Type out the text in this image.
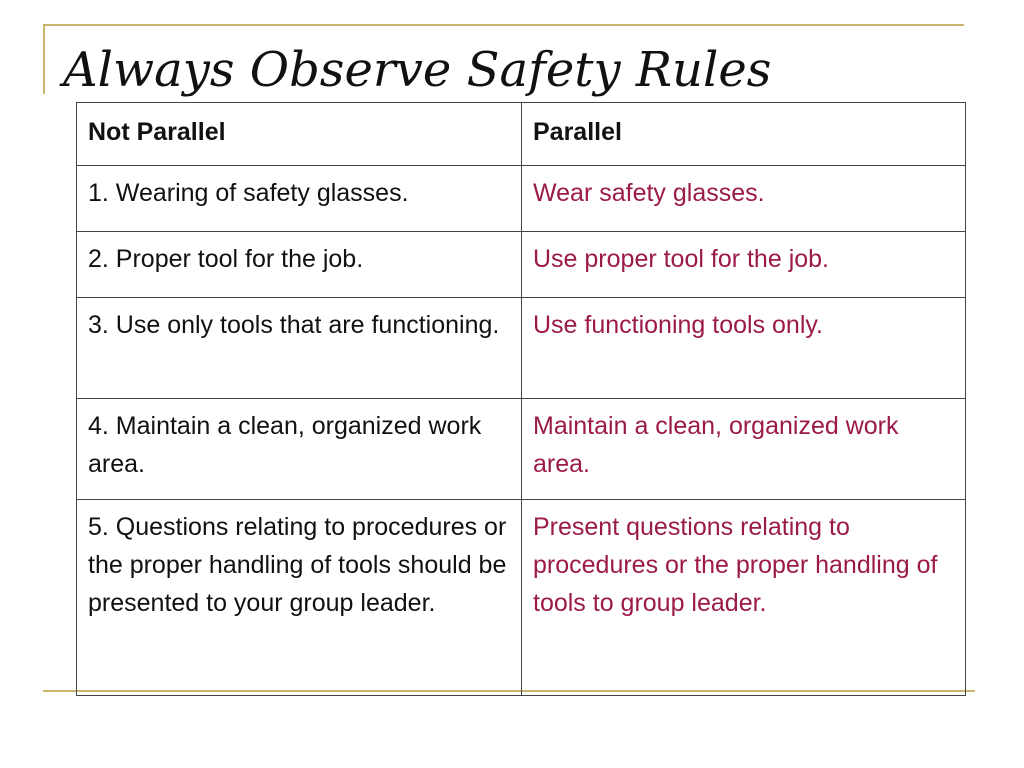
Always Observe Safety Rules
Not Parallel	Parallel
1. Wearing of safety glasses.	Wear safety glasses.
2. Proper tool for the job.	Use proper tool for the job.
3. Use only tools that are functioning.	Use functioning tools only.
4. Maintain a clean, organized work area.	Maintain a clean, organized work area.
5. Questions relating to procedures or the proper handling of tools should be presented to your group leader.	Present questions relating to procedures or the proper handling of tools to group leader.
